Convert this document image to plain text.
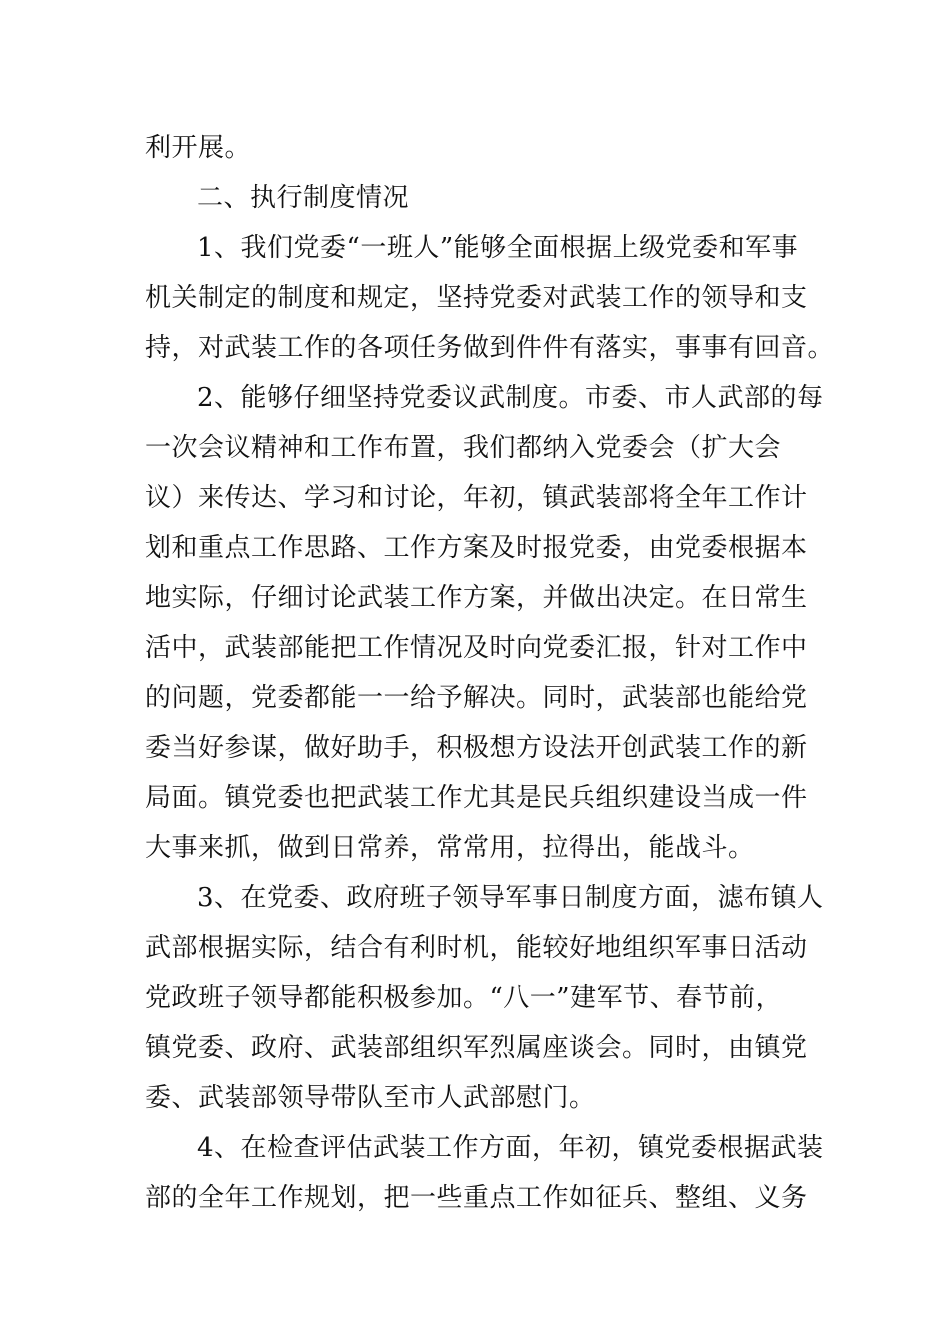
利开展。
二、执行制度情况
1、我们党委“一班人”能够全面根据上级党委和军事
机关制定的制度和规定，坚持党委对武装工作的领导和支
持，对武装工作的各项任务做到件件有落实，事事有回音。
2、能够仔细坚持党委议武制度。市委、市人武部的每
一次会议精神和工作布置，我们都纳入党委会（扩大会
议）来传达、学习和讨论，年初，镇武装部将全年工作计
划和重点工作思路、工作方案及时报党委，由党委根据本
地实际，仔细讨论武装工作方案，并做出决定。在日常生
活中，武装部能把工作情况及时向党委汇报，针对工作中
的问题，党委都能一一给予解决。同时，武装部也能给党
委当好参谋，做好助手，积极想方设法开创武装工作的新
局面。镇党委也把武装工作尤其是民兵组织建设当成一件
大事来抓，做到日常养，常常用，拉得出，能战斗。
3、在党委、政府班子领导军事日制度方面，滤布镇人
武部根据实际，结合有利时机，能较好地组织军事日活动
党政班子领导都能积极参加。“八一”建军节、春节前，
镇党委、政府、武装部组织军烈属座谈会。同时，由镇党
委、武装部领导带队至市人武部慰门。
4、在检查评估武装工作方面，年初，镇党委根据武装
部的全年工作规划，把一些重点工作如征兵、整组、义务
